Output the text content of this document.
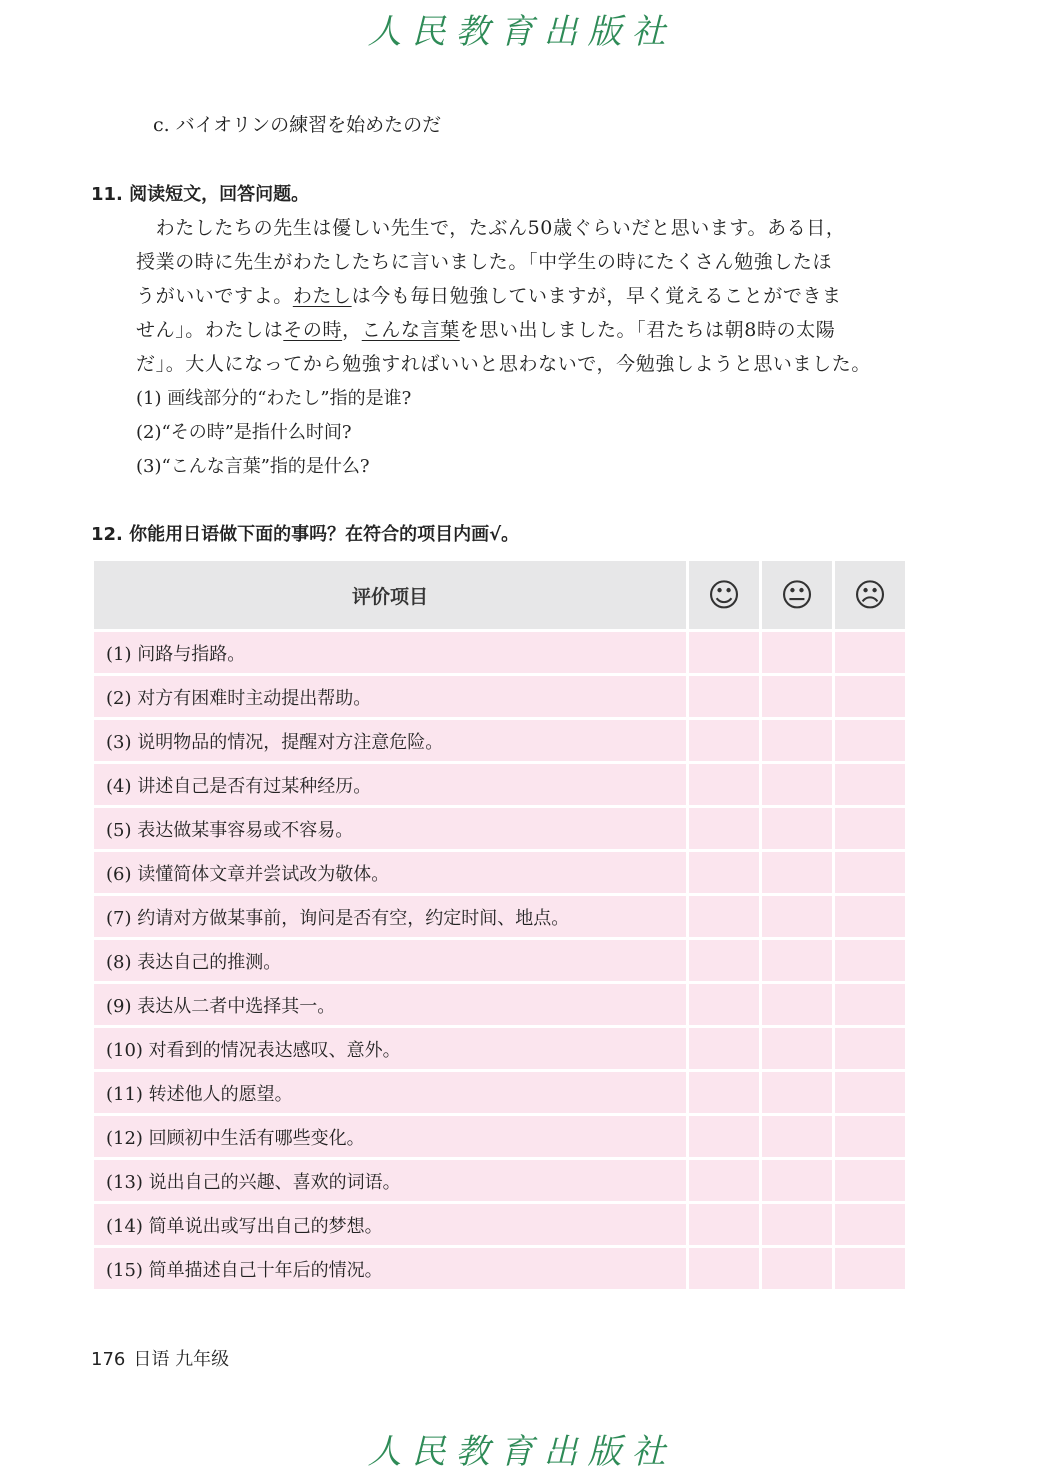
人民教育出版社
c. バイオリンの練習を始めたのだ
11. 阅读短文，回答问题。
　わたしたちの先生は優しい先生で，たぶん50歳ぐらいだと思います。ある日，
授業の時に先生がわたしたちに言いました。「中学生の時にたくさん勉強したほ
うがいいですよ。わたしは今も毎日勉強していますが，早く覚えることができま
せん」。わたしはその時，こんな言葉を思い出しました。「君たちは朝8時の太陽
だ」。大人になってから勉強すればいいと思わないで，今勉強しようと思いました。
(1) 画线部分的“わたし”指的是谁?
(2)“その時”是指什么时间?
(3)“こんな言葉”指的是什么?
12. 你能用日语做下面的事吗？在符合的项目内画√。
评价项目	☺	😐	☹
(1) 问路与指路。			
(2) 对方有困难时主动提出帮助。			
(3) 说明物品的情况，提醒对方注意危险。			
(4) 讲述自己是否有过某种经历。			
(5) 表达做某事容易或不容易。			
(6) 读懂简体文章并尝试改为敬体。			
(7) 约请对方做某事前，询问是否有空，约定时间、地点。			
(8) 表达自己的推测。			
(9) 表达从二者中选择其一。			
(10) 对看到的情况表达感叹、意外。			
(11) 转述他人的愿望。			
(12) 回顾初中生活有哪些变化。			
(13) 说出自己的兴趣、喜欢的词语。			
(14) 简单说出或写出自己的梦想。			
(15) 简单描述自己十年后的情况。			
176 日语 九年级
人民教育出版社
